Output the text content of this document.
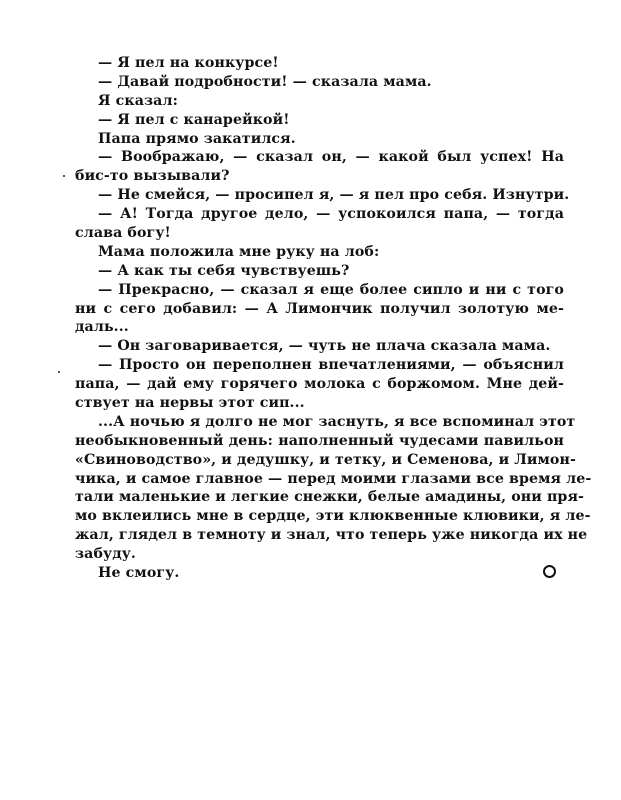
— Я пел на конкурсе!
— Давай подробности! — сказала мама.
Я сказал:
— Я пел с канарейкой!
Папа прямо закатился.
— Воображаю, — сказал он, — какой был успех! На
бис-то вызывали?
— Не смейся, — просипел я, — я пел про себя. Изнутри.
— А! Тогда другое дело, — успокоился папа, — тогда
слава богу!
Мама положила мне руку на лоб:
— А как ты себя чувствуешь?
— Прекрасно, — сказал я еще более сипло и ни с того
ни с сего добавил: — А Лимончик получил золотую ме-
даль...
— Он заговаривается, — чуть не плача сказала мама.
— Просто он переполнен впечатлениями, — объяснил
папа, — дай ему горячего молока с боржомом. Мне дей-
ствует на нервы этот сип...
...А ночью я долго не мог заснуть, я все вспоминал этот
необыкновенный день: наполненный чудесами павильон
«Свиноводство», и дедушку, и тетку, и Семенова, и Лимон-
чика, и самое главное — перед моими глазами все время ле-
тали маленькие и легкие снежки, белые амадины, они пря-
мо вклеились мне в сердце, эти клюквенные клювики, я ле-
жал, глядел в темноту и знал, что теперь уже никогда их не
забуду.
Не смогу.
